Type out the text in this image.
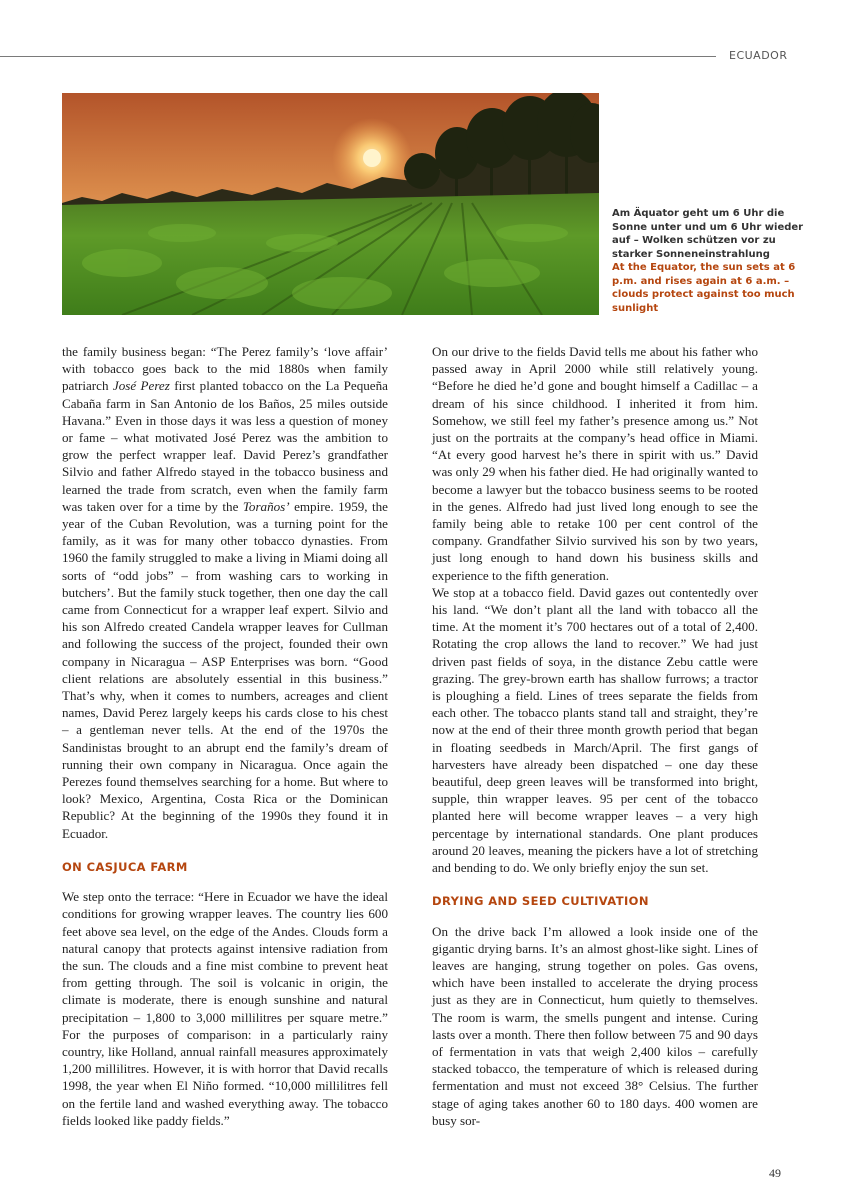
ECUADOR
Am Äquator geht um 6 Uhr die Sonne unter und um 6 Uhr wieder auf – Wolken schützen vor zu starker Sonneneinstrahlung
At the Equator, the sun sets at 6 p.m. and rises again at 6 a.m. – clouds protect against too much sunlight

the family business began: “The Perez family’s ‘love affair’ with tobacco goes back to the mid 1880s when family patriarch José Perez first planted tobacco on the La Pequeña Cabaña farm in San Antonio de los Baños, 25 miles outside Havana.” Even in those days it was less a question of money or fame – what motivated José Perez was the ambition to grow the perfect wrapper leaf. David Perez’s grandfather Silvio and father Alfredo stayed in the tobacco business and learned the trade from scratch, even when the family farm was taken over for a time by the Toraños’ empire. 1959, the year of the Cuban Revolution, was a turning point for the family, as it was for many other tobacco dynasties. From 1960 the family struggled to make a living in Miami doing all sorts of “odd jobs” – from washing cars to working in butchers’. But the family stuck together, then one day the call came from Connecticut for a wrapper leaf expert. Silvio and his son Alfredo created Candela wrapper leaves for Cullman and following the success of the project, founded their own company in Nicaragua – ASP Enterprises was born. “Good client relations are absolutely essential in this business.” That’s why, when it comes to numbers, acreages and client names, David Perez largely keeps his cards close to his chest – a gentleman never tells. At the end of the 1970s the Sandinistas brought to an abrupt end the family’s dream of running their own company in Nicaragua. Once again the Perezes found themselves searching for a home. But where to look? Mexico, Argentina, Costa Rica or the Dominican Republic? At the beginning of the 1990s they found it in Ecuador.

ON CASJUCA FARM

We step onto the terrace: “Here in Ecuador we have the ideal conditions for growing wrapper leaves. The country lies 600 feet above sea level, on the edge of the Andes. Clouds form a natural canopy that protects against intensive radiation from the sun. The clouds and a fine mist combine to prevent heat from getting through. The soil is volcanic in origin, the climate is moderate, there is enough sunshine and natural precipitation – 1,800 to 3,000 millilitres per square metre.” For the purposes of comparison: in a particularly rainy country, like Holland, annual rainfall measures approximately 1,200 millilitres. However, it is with horror that David recalls 1998, the year when El Niño formed. “10,000 millilitres fell on the fertile land and washed everything away. The tobacco fields looked like paddy fields.”

On our drive to the fields David tells me about his father who passed away in April 2000 while still relatively young. “Before he died he’d gone and bought himself a Cadillac – a dream of his since childhood. I inherited it from him. Somehow, we still feel my father’s presence among us.” Not just on the portraits at the company’s head office in Miami. “At every good harvest he’s there in spirit with us.” David was only 29 when his father died. He had originally wanted to become a lawyer but the tobacco business seems to be rooted in the genes. Alfredo had just lived long enough to see the family being able to retake 100 per cent control of the company. Grandfather Silvio survived his son by two years, just long enough to hand down his business skills and experience to the fifth generation.

We stop at a tobacco field. David gazes out contentedly over his land. “We don’t plant all the land with tobacco all the time. At the moment it’s 700 hectares out of a total of 2,400. Rotating the crop allows the land to recover.” We had just driven past fields of soya, in the distance Zebu cattle were grazing. The grey-brown earth has shallow furrows; a tractor is ploughing a field. Lines of trees separate the fields from each other. The tobacco plants stand tall and straight, they’re now at the end of their three month growth period that began in floating seedbeds in March/April. The first gangs of harvesters have already been dispatched – one day these beautiful, deep green leaves will be transformed into bright, supple, thin wrapper leaves. 95 per cent of the tobacco planted here will become wrapper leaves – a very high percentage by international standards. One plant produces around 20 leaves, meaning the pickers have a lot of stretching and bending to do. We only briefly enjoy the sun set.

DRYING AND SEED CULTIVATION

On the drive back I’m allowed a look inside one of the gigantic drying barns. It’s an almost ghost-like sight. Lines of leaves are hanging, strung together on poles. Gas ovens, which have been installed to accelerate the drying process just as they are in Connecticut, hum quietly to themselves. The room is warm, the smells pungent and intense. Curing lasts over a month. There then follow between 75 and 90 days of fermentation in vats that weigh 2,400 kilos – carefully stacked tobacco, the temperature of which is released during fermentation and must not exceed 38° Celsius. The further stage of aging takes another 60 to 180 days. 400 women are busy sor-

49
